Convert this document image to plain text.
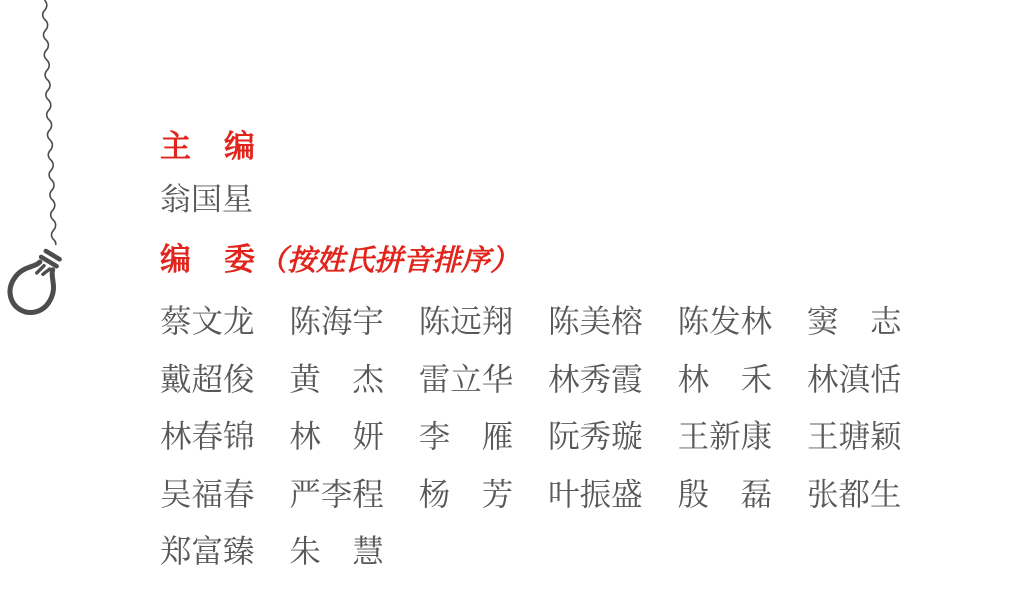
主　编
翁国星
编　委（按姓氏拼音排序）
蔡文龙 陈海宇 陈远翔 陈美榕 陈发林 窦　志
戴超俊 黄　杰 雷立华 林秀霞 林　禾 林滇恬
林春锦 林　妍 李　雁 阮秀璇 王新康 王瑭颖
吴福春 严李程 杨　芳 叶振盛 殷　磊 张都生
郑富臻 朱　慧
